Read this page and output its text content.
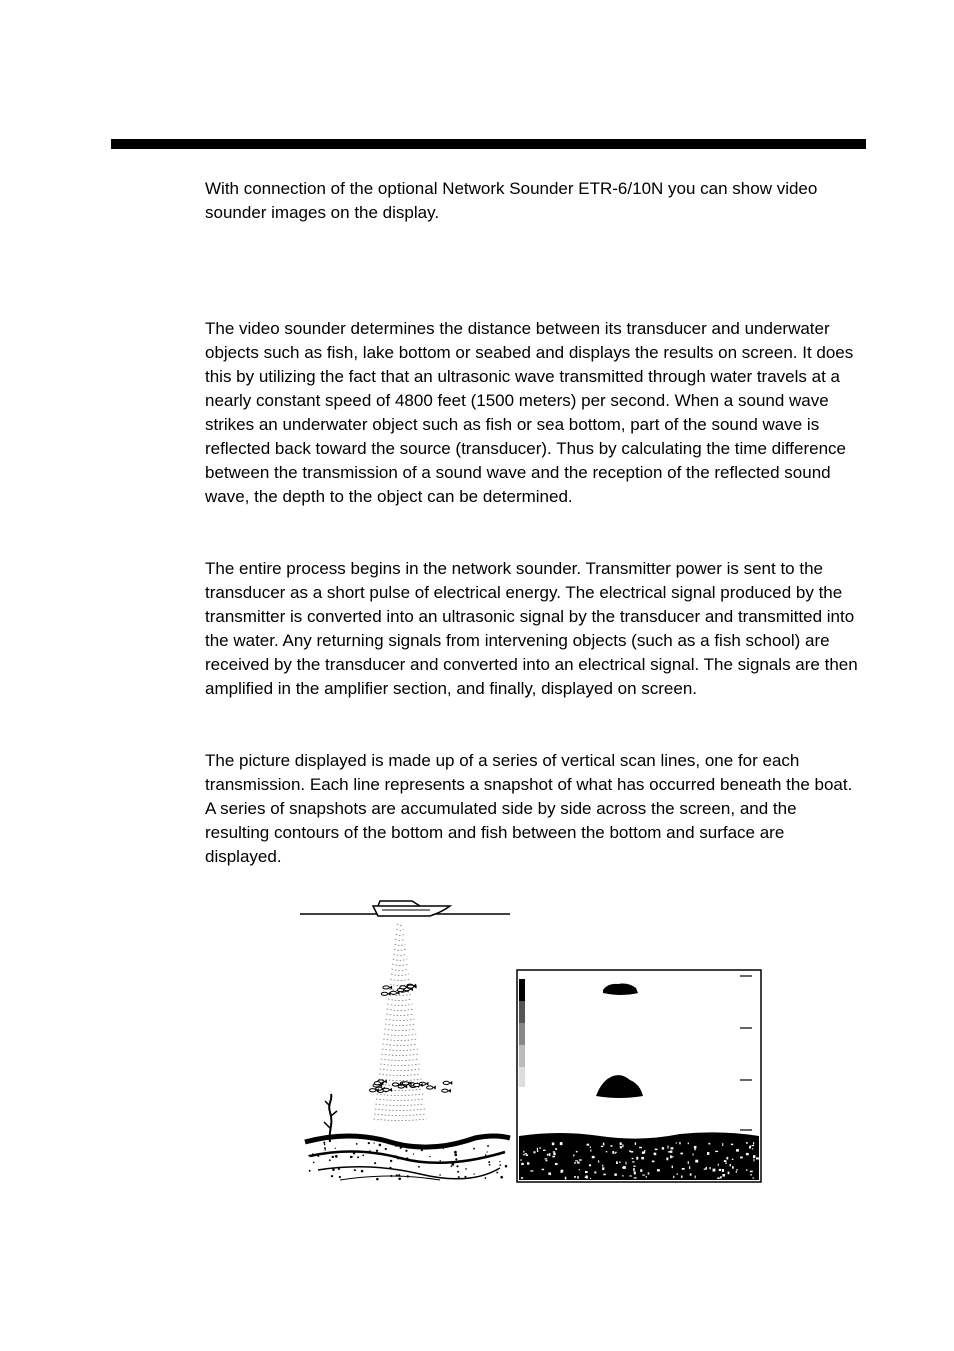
With connection of the optional Network Sounder ETR-6/10N you can show video sounder images on the display.

The video sounder determines the distance between its transducer and underwater objects such as fish, lake bottom or seabed and displays the results on screen. It does this by utilizing the fact that an ultrasonic wave transmitted through water travels at a nearly constant speed of 4800 feet (1500 meters) per second. When a sound wave strikes an underwater object such as fish or sea bottom, part of the sound wave is reflected back toward the source (transducer). Thus by calculating the time difference between the transmission of a sound wave and the reception of the reflected sound wave, the depth to the object can be determined.

The entire process begins in the network sounder. Transmitter power is sent to the transducer as a short pulse of electrical energy. The electrical signal produced by the transmitter is converted into an ultrasonic signal by the transducer and transmitted into the water. Any returning signals from intervening objects (such as a fish school) are received by the transducer and converted into an electrical signal. The signals are then amplified in the amplifier section, and finally, displayed on screen.

The picture displayed is made up of a series of vertical scan lines, one for each transmission. Each line represents a snapshot of what has occurred beneath the boat. A series of snapshots are accumulated side by side across the screen, and the resulting contours of the bottom and fish between the bottom and surface are displayed.
